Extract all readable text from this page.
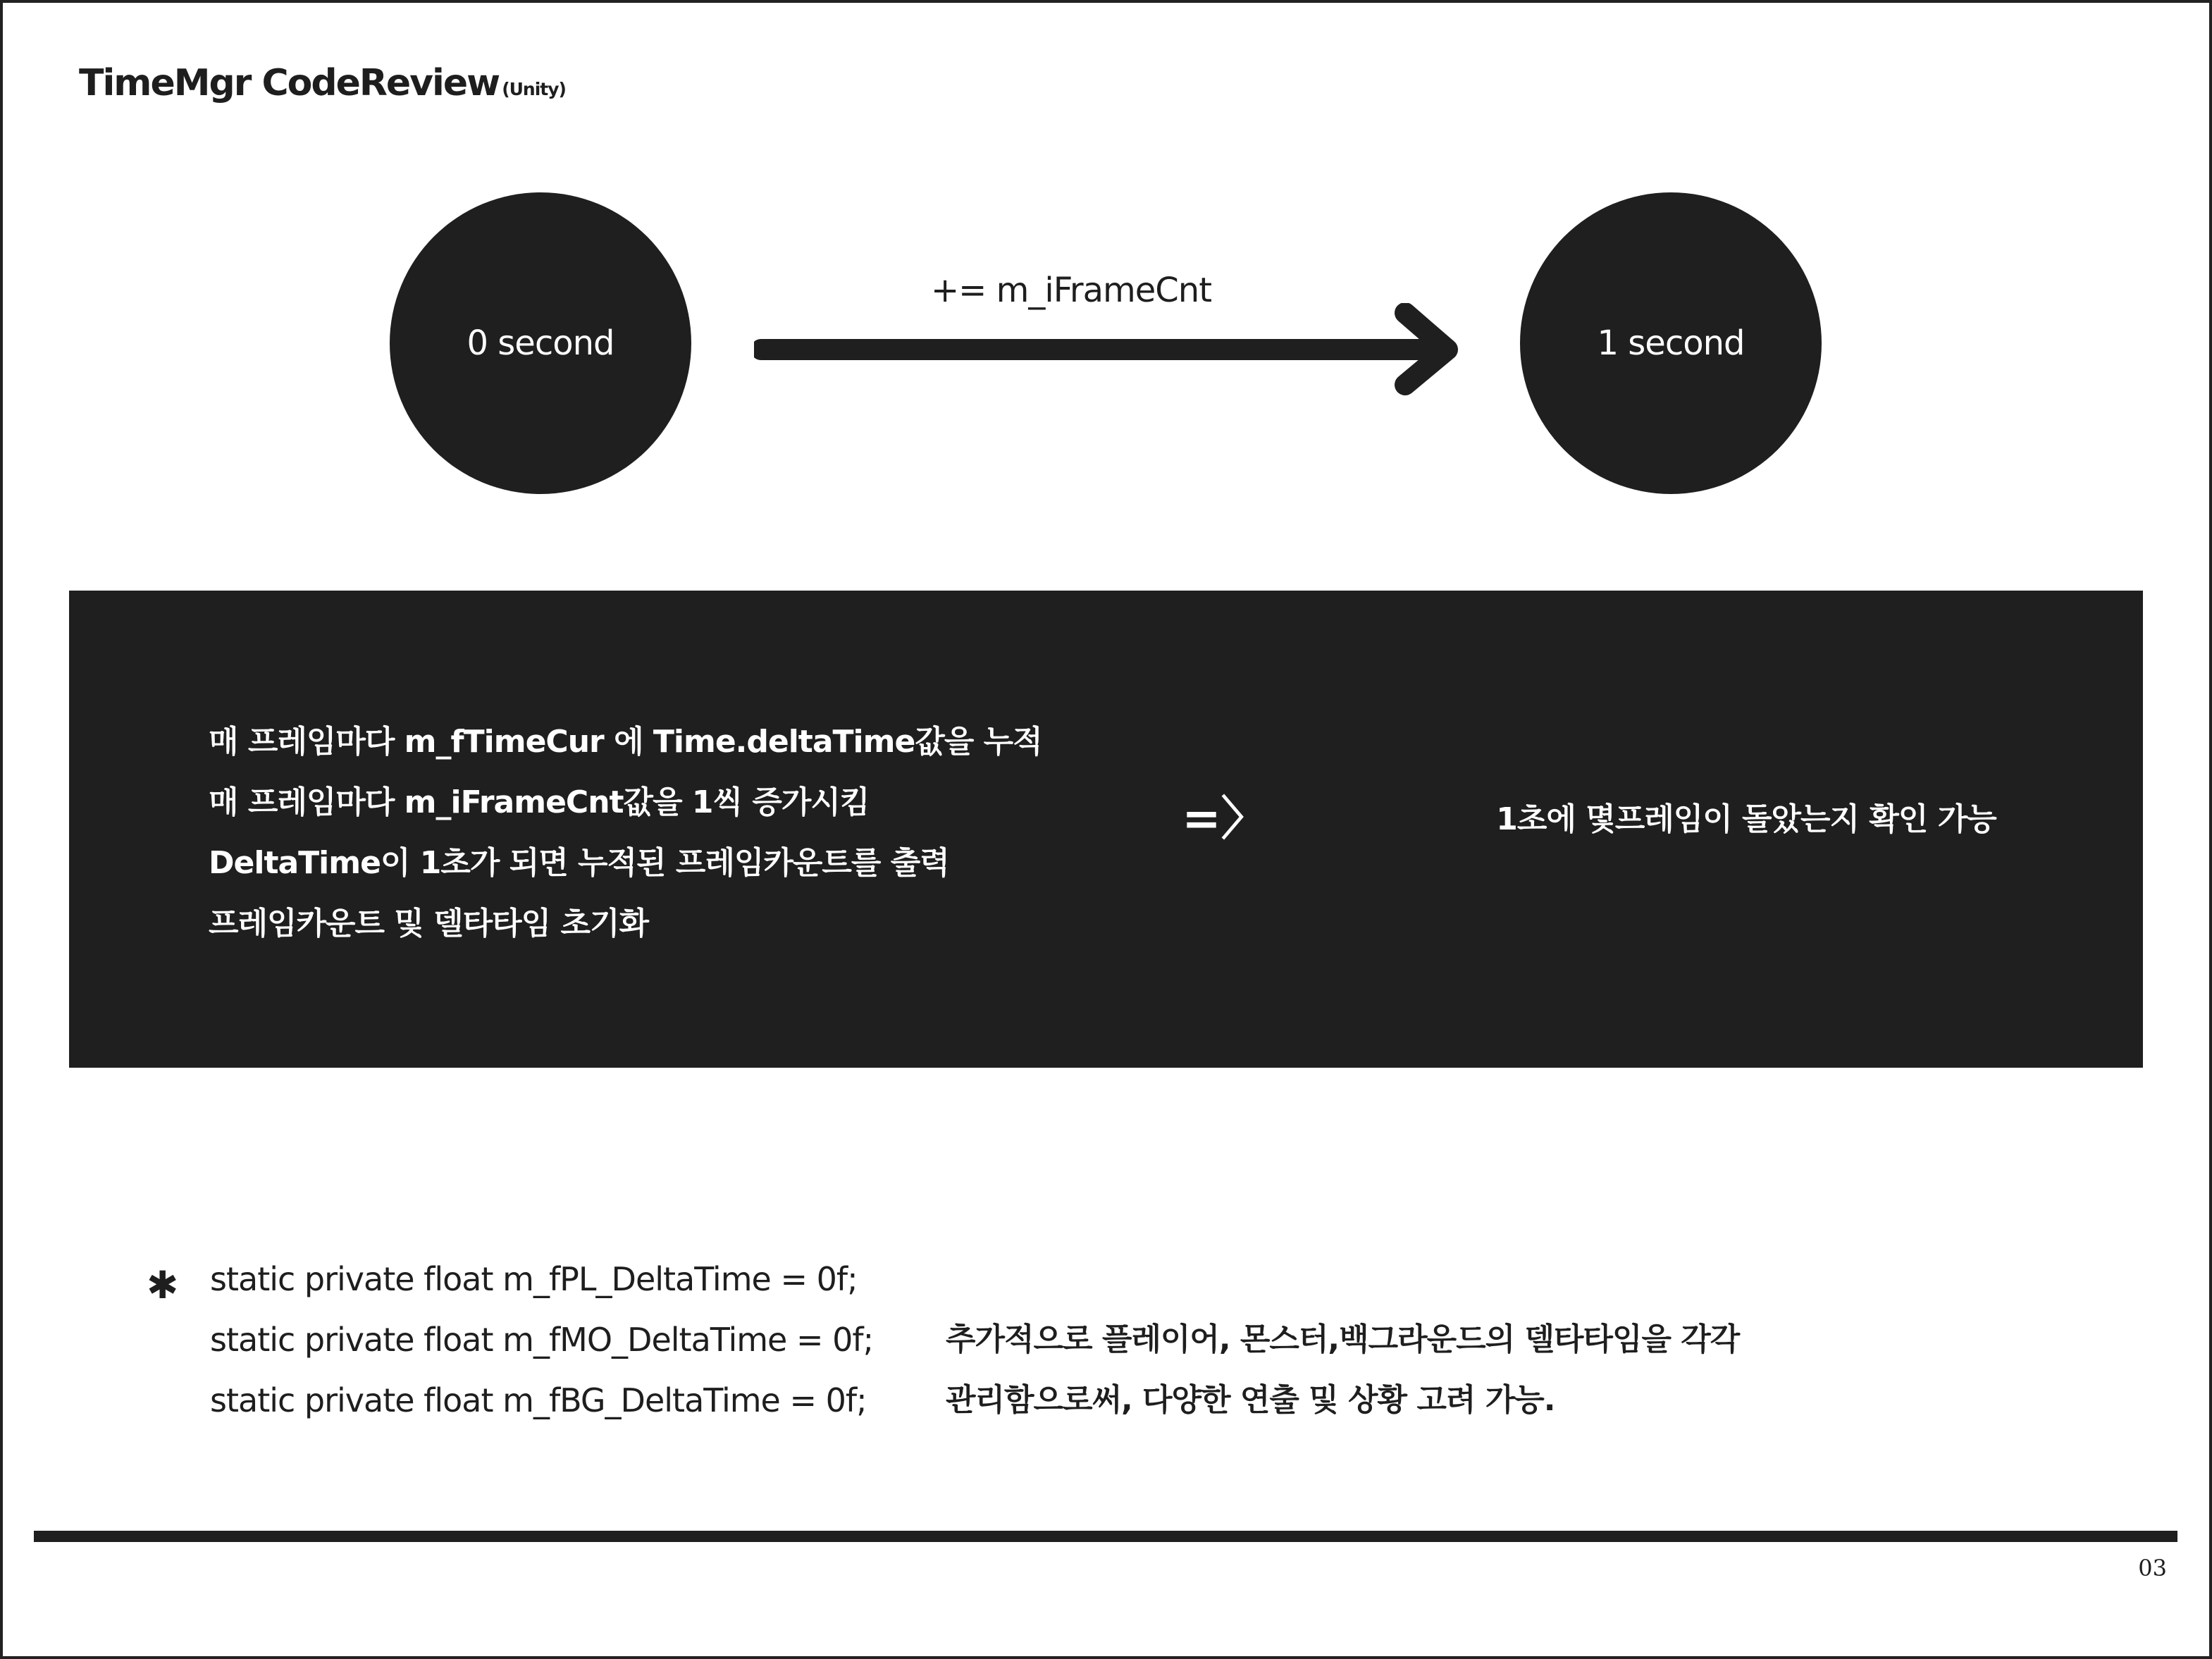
TimeMgr CodeReview (Unity)
0 second
+= m_iFrameCnt
1 second
매 프레임마다 m_fTimeCur 에 Time.deltaTime값을 누적
매 프레임마다 m_iFrameCnt값을 1씩 증가시킴
DeltaTime이 1초가 되면 누적된 프레임카운트를 출력
프레임카운트 및 델타타임 초기화
=〉	1초에 몇프레임이 돌았는지 확인 가능
✱ static private float m_fPL_DeltaTime = 0f;
static private float m_fMO_DeltaTime = 0f;
static private float m_fBG_DeltaTime = 0f;
추가적으로 플레이어, 몬스터,백그라운드의 델타타임을 각각
관리함으로써, 다양한 연출 및 상황 고려 가능.
03
